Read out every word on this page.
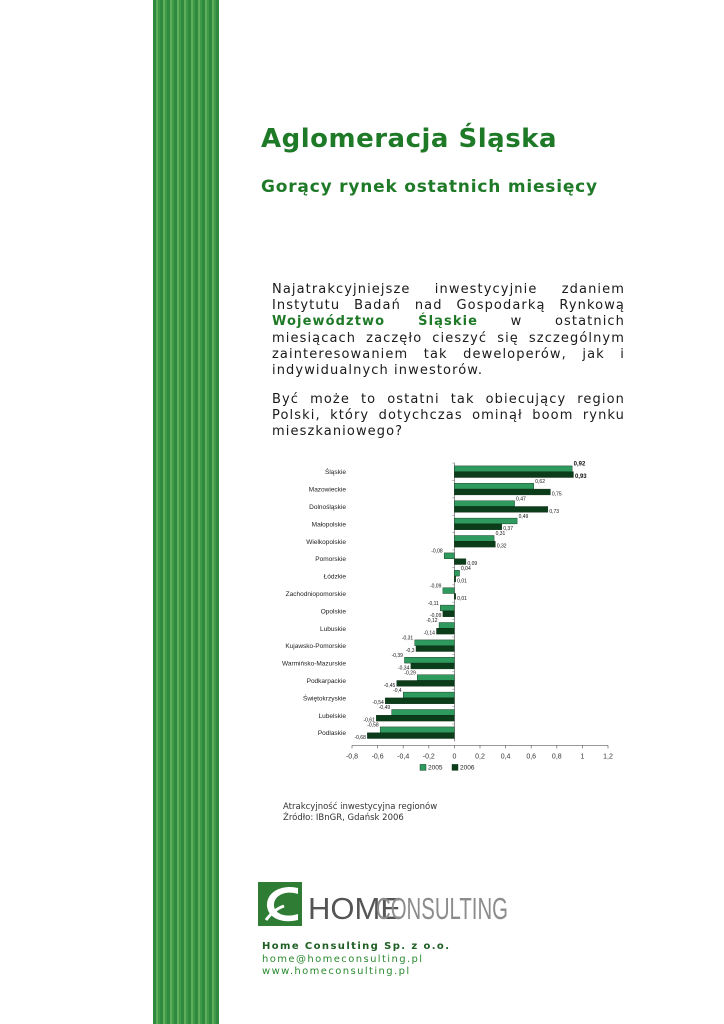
Aglomeracja Śląska
Gorący rynek ostatnich miesięcy

Najatrakcyjniejsze inwestycyjnie zdaniem Instytutu Badań nad Gospodarką Rynkową Województwo Śląskie w ostatnich miesiącach zaczęło cieszyć się szczególnym zainteresowaniem tak deweloperów, jak i indywidualnych inwestorów.

Być może to ostatni tak obiecujący region Polski, który dotychczas ominął boom rynku mieszkaniowego?

-0,8 -0,6 -0,4 -0,2	0	0,2 0,4 0,6 0,8	1	1,2
Śląskie
0,92
0,93
Mazowieckie
0,62
0,75
Dolnośląskie
0,47
0,73
Małopolskie
0,49
0,37
Wielkopolskie
0,31
0,32
Pomorskie
-0,08
0,09
Łódzkie
0,04
0,01
Zachodniopomorskie
-0,09
0,01
Opolskie
-0,11
-0,09
Lubuskie
-0,12
-0,14
Kujawsko-Pomorskie
-0,31
-0,3
Warmińsko-Mazurskie
-0,39
-0,34
Podkarpackie
-0,29
-0,45
Świętokrzyskie
-0,4
-0,54
Lubelskie
-0,49
-0,61
Podlaskie
-0,58
-0,68
2005	2006
Atrakcyjność inwestycyjna regionów
Źródło: IBnGR, Gdańsk 2006
HOME
CONSULTING
Home Consulting Sp. z o.o.
home@homeconsulting.pl
www.homeconsulting.pl
